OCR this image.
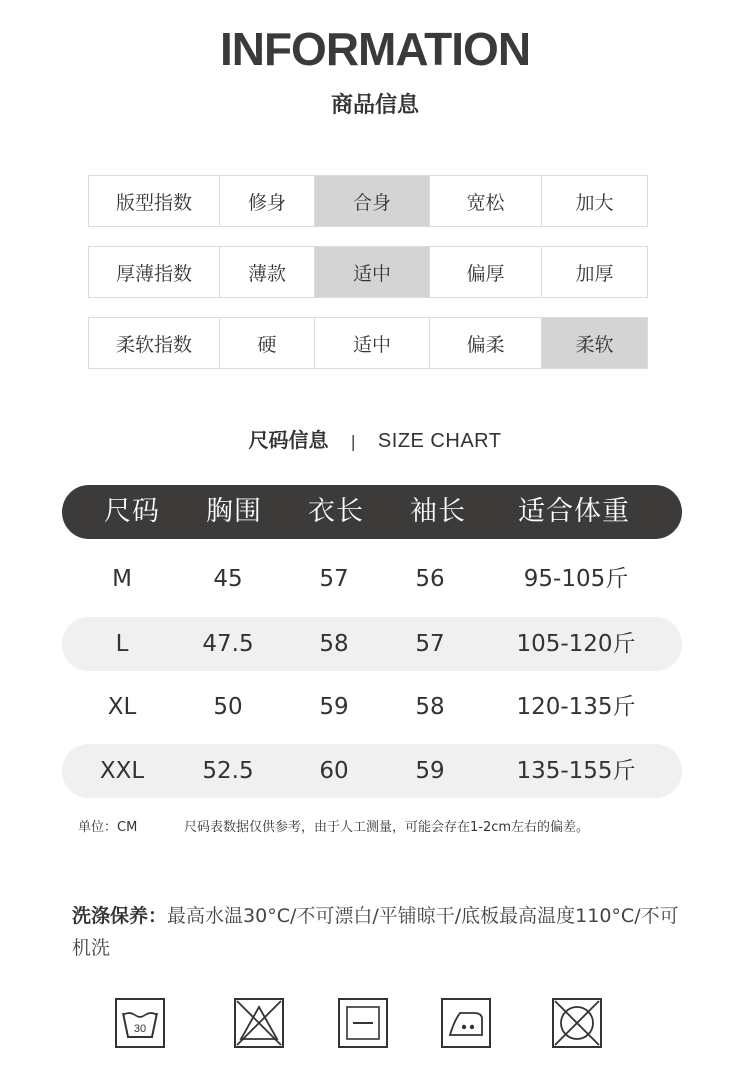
INFORMATION
商品信息
版型指数	修身	合身	宽松	加大
厚薄指数	薄款	适中	偏厚	加厚
柔软指数	硬	适中	偏柔	柔软
尺码信息 | SIZE CHART
尺码 胸围 衣长 袖长 适合体重
M	45	57	56	95-105斤
L	47.5	58	57	105-120斤
XL	50	59	58	120-135斤
XXL	52.5	60	59	135-155斤
单位：CM	尺码表数据仅供参考，由于人工测量，可能会存在1-2cm左右的偏差。
洗涤保养：最高水温30°C/不可漂白/平铺晾干/底板最高温度110°C/不可机洗
30
